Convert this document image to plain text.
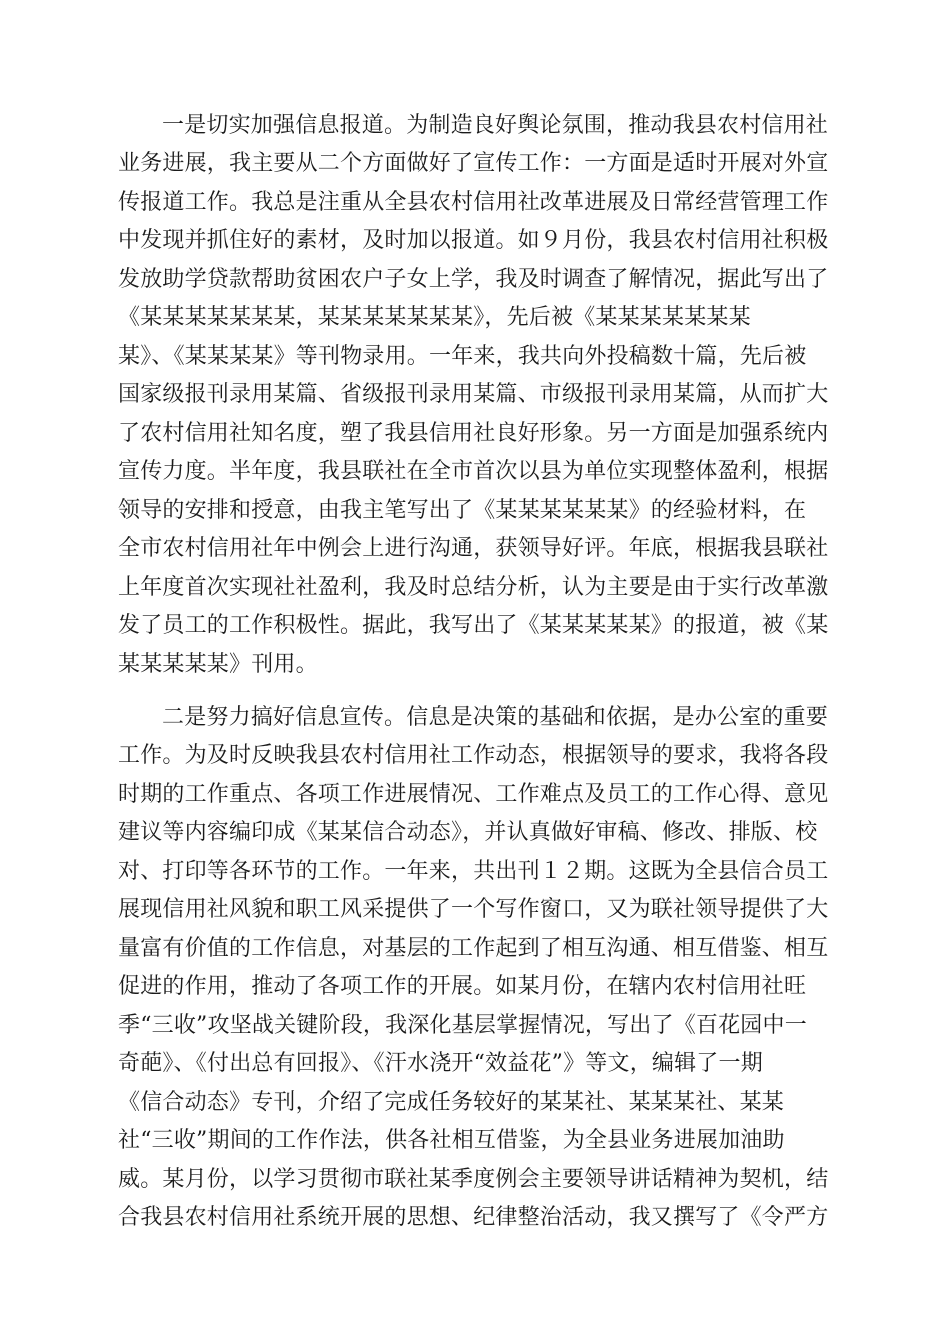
一是切实加强信息报道。为制造良好舆论氛围，推动我县农村信用社
业务进展，我主要从二个方面做好了宣传工作：一方面是适时开展对外宣
传报道工作。我总是注重从全县农村信用社改革进展及日常经营管理工作
中发现并抓住好的素材，及时加以报道。如９月份，我县农村信用社积极
发放助学贷款帮助贫困农户子女上学，我及时调查了解情况，据此写出了
《某某某某某某某，某某某某某某某》，先后被《某某某某某某某
某》、《某某某某》等刊物录用。一年来，我共向外投稿数十篇，先后被
国家级报刊录用某篇、省级报刊录用某篇、市级报刊录用某篇，从而扩大
了农村信用社知名度，塑了我县信用社良好形象。另一方面是加强系统内
宣传力度。半年度，我县联社在全市首次以县为单位实现整体盈利，根据
领导的安排和授意，由我主笔写出了《某某某某某某》的经验材料，在
全市农村信用社年中例会上进行沟通，获领导好评。年底，根据我县联社
上年度首次实现社社盈利，我及时总结分析，认为主要是由于实行改革激
发了员工的工作积极性。据此，我写出了《某某某某某》的报道，被《某
某某某某某》刊用。
二是努力搞好信息宣传。信息是决策的基础和依据，是办公室的重要
工作。为及时反映我县农村信用社工作动态，根据领导的要求，我将各段
时期的工作重点、各项工作进展情况、工作难点及员工的工作心得、意见
建议等内容编印成《某某信合动态》，并认真做好审稿、修改、排版、校
对、打印等各环节的工作。一年来，共出刊１２期。这既为全县信合员工
展现信用社风貌和职工风采提供了一个写作窗口，又为联社领导提供了大
量富有价值的工作信息，对基层的工作起到了相互沟通、相互借鉴、相互
促进的作用，推动了各项工作的开展。如某月份，在辖内农村信用社旺
季“三收”攻坚战关键阶段，我深化基层掌握情况，写出了《百花园中一
奇葩》、《付出总有回报》、《汗水浇开“效益花”》等文，编辑了一期
《信合动态》专刊，介绍了完成任务较好的某某社、某某某社、某某
社“三收”期间的工作作法，供各社相互借鉴，为全县业务进展加油助
威。某月份，以学习贯彻市联社某季度例会主要领导讲话精神为契机，结
合我县农村信用社系统开展的思想、纪律整治活动，我又撰写了《令严方
